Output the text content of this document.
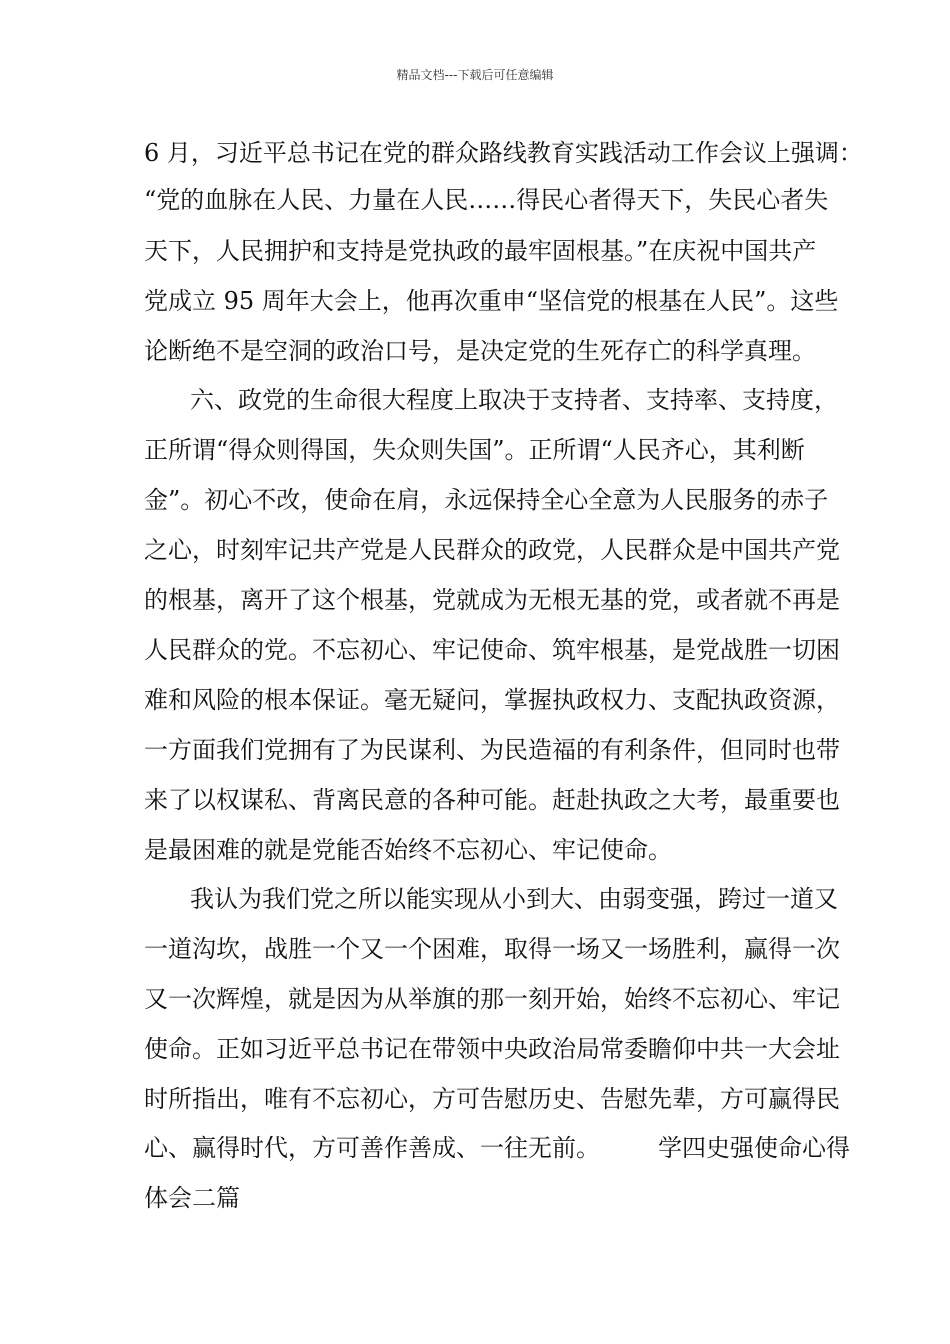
精品文档---下载后可任意编辑
6 月，习近平总书记在党的群众路线教育实践活动工作会议上强调：
“党的血脉在人民、力量在人民……得民心者得天下，失民心者失
天下，人民拥护和支持是党执政的最牢固根基。”在庆祝中国共产
党成立 95 周年大会上，他再次重申“坚信党的根基在人民”。这些
论断绝不是空洞的政治口号，是决定党的生死存亡的科学真理。
六、政党的生命很大程度上取决于支持者、支持率、支持度，
正所谓“得众则得国，失众则失国”。正所谓“人民齐心，其利断
金”。初心不改，使命在肩，永远保持全心全意为人民服务的赤子
之心，时刻牢记共产党是人民群众的政党，人民群众是中国共产党
的根基，离开了这个根基，党就成为无根无基的党，或者就不再是
人民群众的党。不忘初心、牢记使命、筑牢根基，是党战胜一切困
难和风险的根本保证。毫无疑问，掌握执政权力、支配执政资源，
一方面我们党拥有了为民谋利、为民造福的有利条件，但同时也带
来了以权谋私、背离民意的各种可能。赶赴执政之大考，最重要也
是最困难的就是党能否始终不忘初心、牢记使命。
我认为我们党之所以能实现从小到大、由弱变强，跨过一道又
一道沟坎，战胜一个又一个困难，取得一场又一场胜利，赢得一次
又一次辉煌，就是因为从举旗的那一刻开始，始终不忘初心、牢记
使命。正如习近平总书记在带领中央政治局常委瞻仰中共一大会址
时所指出，唯有不忘初心，方可告慰历史、告慰先辈，方可赢得民
心、赢得时代，方可善作善成、一往无前。 学四史强使命心得
体会二篇
